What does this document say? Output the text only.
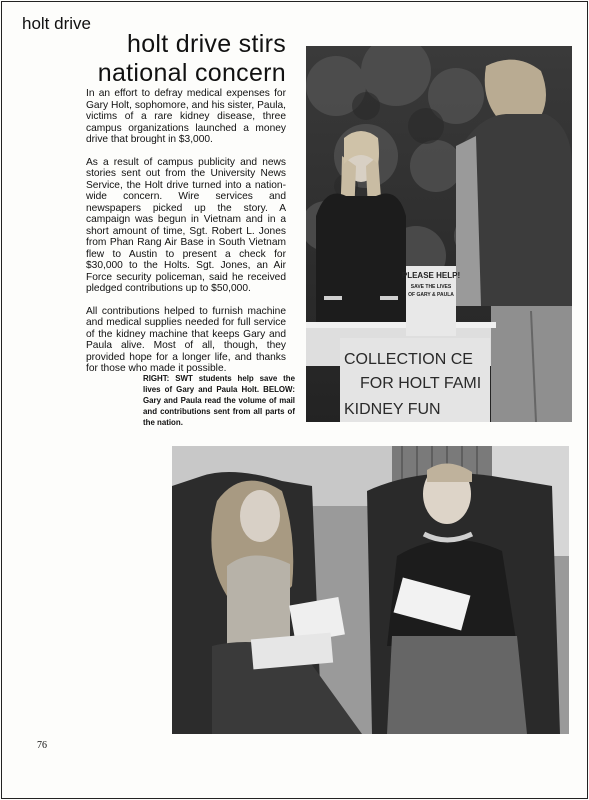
holt drive
holt drive stirs
national concern

In an effort to defray medical expenses for Gary Holt, sophomore, and his sister, Paula, victims of a rare kidney disease, three campus organizations launched a money drive that brought in $3,000.

As a result of campus publicity and news stories sent out from the University News Service, the Holt drive turned into a nation-wide concern. Wire services and newspapers picked up the story. A campaign was begun in Vietnam and in a short amount of time, Sgt. Robert L. Jones from Phan Rang Air Base in South Vietnam flew to Austin to present a check for $30,000 to the Holts. Sgt. Jones, an Air Force security policeman, said he received pledged contributions up to $50,000.

All contributions helped to furnish machine and medical supplies needed for full service of the kidney machine that keeps Gary and Paula alive. Most of all, though, they provided hope for a longer life, and thanks for those who made it possible.

RIGHT: SWT students help save the lives of Gary and Paula Holt. BELOW: Gary and Paula read the volume of mail and contributions sent from all parts of the nation.
PLEASE HELP!
SAVE THE LIVES
OF GARY & PAULA
COLLECTION CE
FOR HOLT FAMI
KIDNEY FUN
76
